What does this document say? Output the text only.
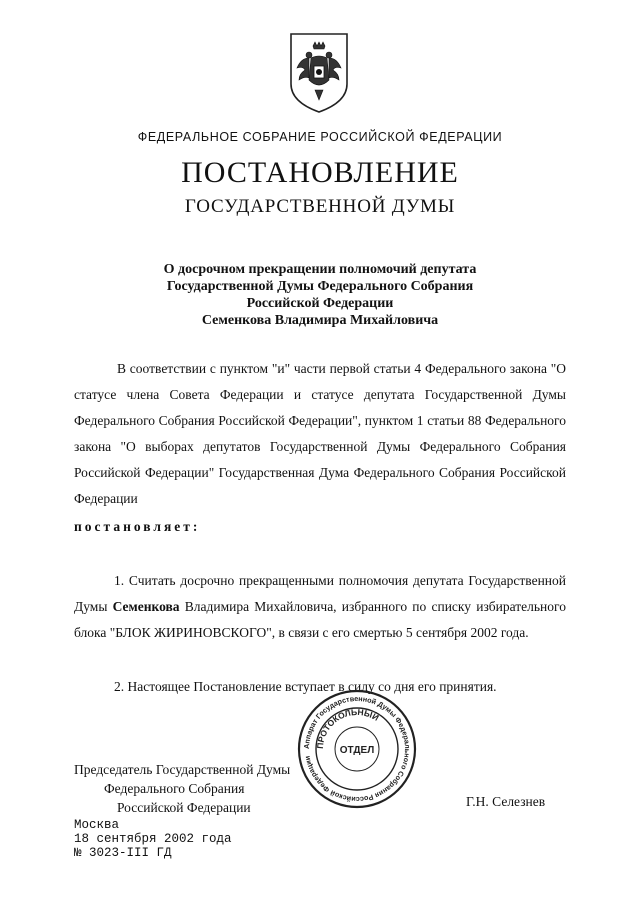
ФЕДЕРАЛЬНОЕ СОБРАНИЕ РОССИЙСКОЙ ФЕДЕРАЦИИ
ПОСТАНОВЛЕНИЕ
ГОСУДАРСТВЕННОЙ ДУМЫ
О досрочном прекращении полномочий депутата
Государственной Думы Федерального Собрания
Российской Федерации
Семенкова Владимира Михайловича
В соответствии с пунктом "и" части первой статьи 4 Федерального закона "О статусе члена Совета Федерации и статусе депутата Государственной Думы Федерального Собрания Российской Федерации", пунктом 1 статьи 88 Федерального закона "О выборах депутатов Государственной Думы Федерального Собрания Российской Федерации" Государственная Дума Федерального Собрания Российской Федерации
постановляет:
1. Считать досрочно прекращенными полномочия депутата Государственной Думы Семенкова Владимира Михайловича, избранного по списку избирательного блока "БЛОК ЖИРИНОВСКОГО", в связи с его смертью 5 сентября 2002 года.
2. Настоящее Постановление вступает в силу со дня его принятия.
Аппарат Государственной Думы Федерального Собрания Российской Федерации
ПРОТОКОЛЬНЫЙ
ОТДЕЛ
Председатель Государственной Думы
Федерального Собрания
Российской Федерации	Г.Н. Селезнев
Москва
18 сентября 2002 года
№ 3023-III ГД
